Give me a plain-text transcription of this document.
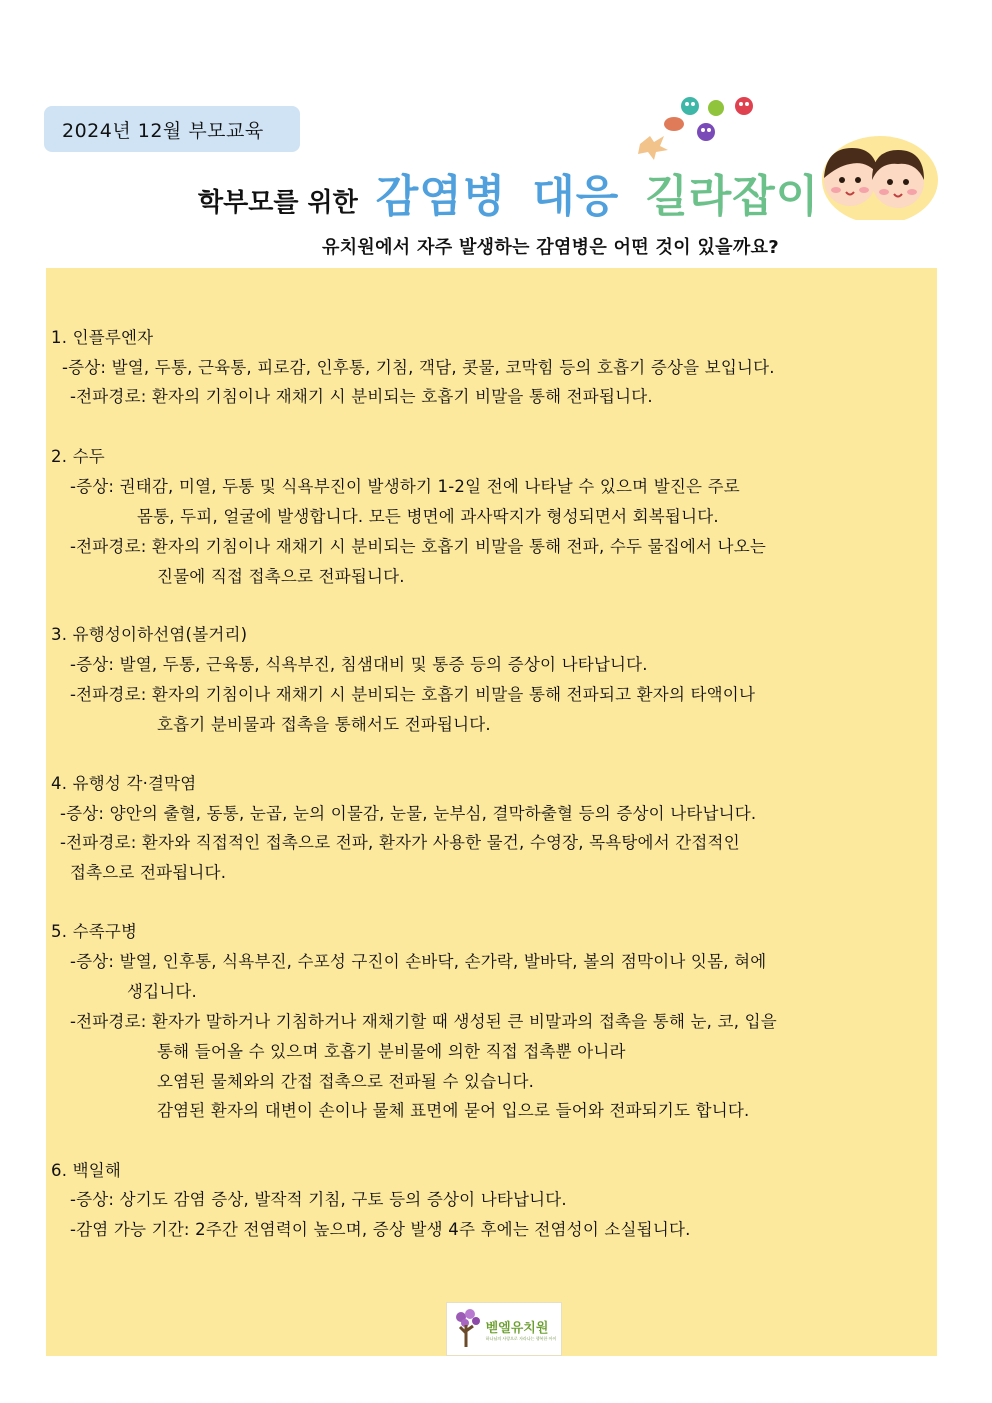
2024년 12월 부모교육
학부모를 위한 감염병 대응 길라잡이
유치원에서 자주 발생하는 감염병은 어떤 것이 있을까요?
1. 인플루엔자
-증상: 발열, 두통, 근육통, 피로감, 인후통, 기침, 객담, 콧물, 코막힘 등의 호흡기 증상을 보입니다.
-전파경로: 환자의 기침이나 재채기 시 분비되는 호흡기 비말을 통해 전파됩니다.
2. 수두
-증상: 권태감, 미열, 두통 및 식욕부진이 발생하기 1-2일 전에 나타날 수 있으며 발진은 주로
몸통, 두피, 얼굴에 발생합니다. 모든 병면에 과사딱지가 형성되면서 회복됩니다.
-전파경로: 환자의 기침이나 재채기 시 분비되는 호흡기 비말을 통해 전파, 수두 물집에서 나오는
진물에 직접 접촉으로 전파됩니다.
3. 유행성이하선염(볼거리)
-증상: 발열, 두통, 근육통, 식욕부진, 침샘대비 및 통증 등의 증상이 나타납니다.
-전파경로: 환자의 기침이나 재채기 시 분비되는 호흡기 비말을 통해 전파되고 환자의 타액이나
호흡기 분비물과 접촉을 통해서도 전파됩니다.
4. 유행성 각·결막염
-증상: 양안의 출혈, 동통, 눈곱, 눈의 이물감, 눈물, 눈부심, 결막하출혈 등의 증상이 나타납니다.
-전파경로: 환자와 직접적인 접촉으로 전파, 환자가 사용한 물건, 수영장, 목욕탕에서 간접적인
접촉으로 전파됩니다.
5. 수족구병
-증상: 발열, 인후통, 식욕부진, 수포성 구진이 손바닥, 손가락, 발바닥, 볼의 점막이나 잇몸, 혀에
생깁니다.
-전파경로: 환자가 말하거나 기침하거나 재채기할 때 생성된 큰 비말과의 접촉을 통해 눈, 코, 입을
통해 들어올 수 있으며 호흡기 분비물에 의한 직접 접촉뿐 아니라
오염된 물체와의 간접 접촉으로 전파될 수 있습니다.
감염된 환자의 대변이 손이나 물체 표면에 묻어 입으로 들어와 전파되기도 합니다.
6. 백일해
-증상: 상기도 감염 증상, 발작적 기침, 구토 등의 증상이 나타납니다.
-감염 가능 기간: 2주간 전염력이 높으며, 증상 발생 4주 후에는 전염성이 소실됩니다.
벧엘유치원
하나님의 사랑으로 자라나는 행복한 아이
